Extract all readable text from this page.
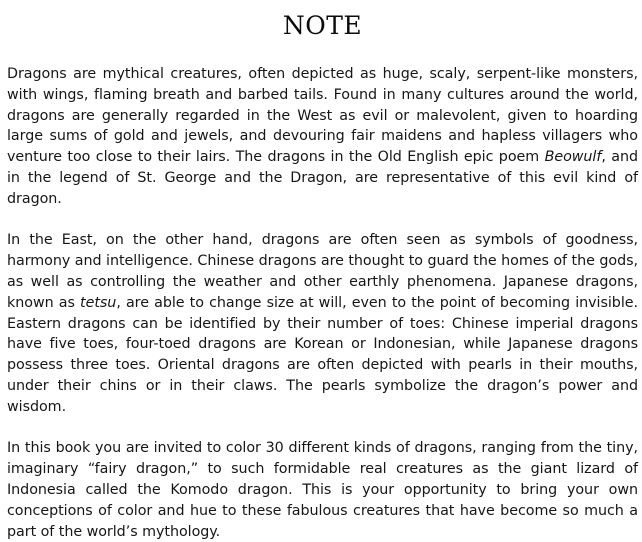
NOTE

Dragons are mythical creatures, often depicted as huge, scaly, serpent-like monsters, with wings, flaming breath and barbed tails. Found in many cultures around the world, dragons are generally regarded in the West as evil or malevolent, given to hoarding large sums of gold and jewels, and devouring fair maidens and hapless villagers who venture too close to their lairs. The dragons in the Old English epic poem Beowulf, and in the legend of St. George and the Dragon, are representative of this evil kind of dragon.

In the East, on the other hand, dragons are often seen as symbols of goodness, harmony and intelligence. Chinese dragons are thought to guard the homes of the gods, as well as controlling the weather and other earthly phenomena. Japanese dragons, known as tetsu, are able to change size at will, even to the point of becoming invisible. Eastern dragons can be identified by their number of toes: Chinese imperial dragons have five toes, four-toed dragons are Korean or Indonesian, while Japanese dragons possess three toes. Oriental dragons are often depicted with pearls in their mouths, under their chins or in their claws. The pearls symbolize the dragon’s power and wisdom.

In this book you are invited to color 30 different kinds of dragons, ranging from the tiny, imaginary “fairy dragon,” to such formidable real creatures as the giant lizard of Indonesia called the Komodo dragon. This is your opportunity to bring your own conceptions of color and hue to these fabulous creatures that have become so much a part of the world’s mythology.
